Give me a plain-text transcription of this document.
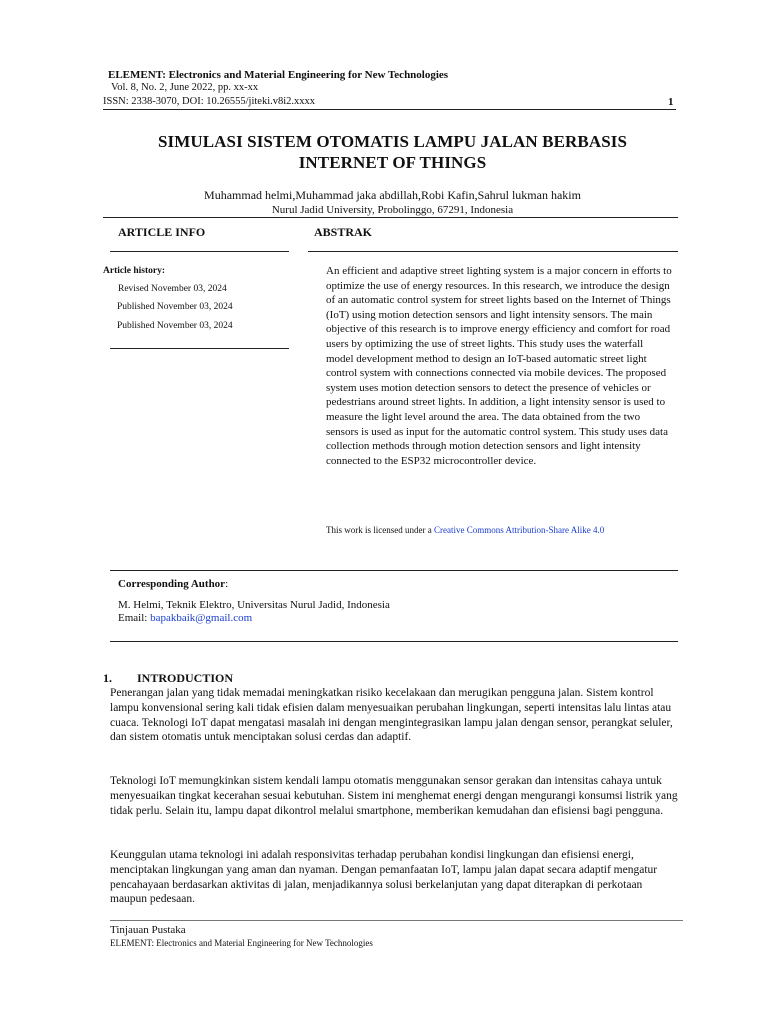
ELEMENT: Electronics and Material Engineering for New Technologies
Vol. 8, No. 2, June 2022, pp. xx-xx
ISSN: 2338-3070, DOI: 10.26555/jiteki.v8i2.xxxx	1
SIMULASI SISTEM OTOMATIS LAMPU JALAN BERBASIS
INTERNET OF THINGS
Muhammad helmi,Muhammad jaka abdillah,Robi Kafin,Sahrul lukman hakim
Nurul Jadid University, Probolinggo, 67291, Indonesia
ARTICLE INFO	ABSTRAK
Article history:
Revised November 03, 2024
Published November 03, 2024
Published November 03, 2024
An efficient and adaptive street lighting system is a major concern in efforts to optimize the use of energy resources. In this research, we introduce the design of an automatic control system for street lights based on the Internet of Things (IoT) using motion detection sensors and light intensity sensors. The main objective of this research is to improve energy efficiency and comfort for road users by optimizing the use of street lights. This study uses the waterfall model development method to design an IoT-based automatic street light control system with connections connected via mobile devices. The proposed system uses motion detection sensors to detect the presence of vehicles or pedestrians around street lights. In addition, a light intensity sensor is used to measure the light level around the area. The data obtained from the two sensors is used as input for the automatic control system. This study uses data collection methods through motion detection sensors and light intensity connected to the ESP32 microcontroller device.
This work is licensed under a Creative Commons Attribution-Share Alike 4.0
Corresponding Author:
M. Helmi, Teknik Elektro, Universitas Nurul Jadid, Indonesia
Email: bapakbaik@gmail.com
1. INTRODUCTION
Penerangan jalan yang tidak memadai meningkatkan risiko kecelakaan dan merugikan pengguna jalan. Sistem kontrol lampu konvensional sering kali tidak efisien dalam menyesuaikan perubahan lingkungan, seperti intensitas lalu lintas atau cuaca. Teknologi IoT dapat mengatasi masalah ini dengan mengintegrasikan lampu jalan dengan sensor, perangkat seluler, dan sistem otomatis untuk menciptakan solusi cerdas dan adaptif.
Teknologi IoT memungkinkan sistem kendali lampu otomatis menggunakan sensor gerakan dan intensitas cahaya untuk menyesuaikan tingkat kecerahan sesuai kebutuhan. Sistem ini menghemat energi dengan mengurangi konsumsi listrik yang tidak perlu. Selain itu, lampu dapat dikontrol melalui smartphone, memberikan kemudahan dan efisiensi bagi pengguna.
Keunggulan utama teknologi ini adalah responsivitas terhadap perubahan kondisi lingkungan dan efisiensi energi, menciptakan lingkungan yang aman dan nyaman. Dengan pemanfaatan IoT, lampu jalan dapat secara adaptif mengatur pencahayaan berdasarkan aktivitas di jalan, menjadikannya solusi berkelanjutan yang dapat diterapkan di perkotaan maupun pedesaan.
Tinjauan Pustaka
ELEMENT: Electronics and Material Engineering for New Technologies
